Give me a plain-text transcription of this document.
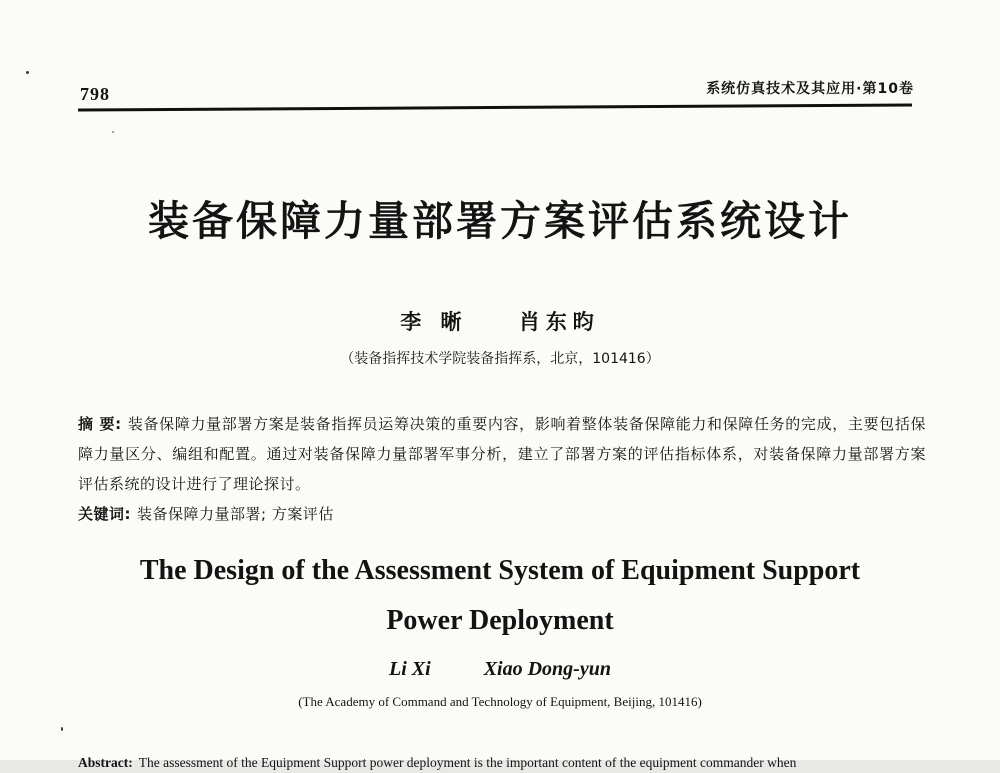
798	系统仿真技术及其应用·第10卷
装备保障力量部署方案评估系统设计
李 晰 肖东昀
（装备指挥技术学院装备指挥系，北京，101416）

摘 要: 装备保障力量部署方案是装备指挥员运筹决策的重要内容，影响着整体装备保障能力和保障任务的完成，主要包括保障力量区分、编组和配置。通过对装备保障力量部署军事分析，建立了部署方案的评估指标体系，对装备保障力量部署方案评估系统的设计进行了理论探讨。

关键词: 装备保障力量部署; 方案评估

The Design of the Assessment System of Equipment Support
Power Deployment
Li Xi	Xiao Dong-yun
(The Academy of Command and Technology of Equipment, Beijing, 101416)

Abstract: The assessment of the Equipment Support power deployment is the important content of the equipment commander when
